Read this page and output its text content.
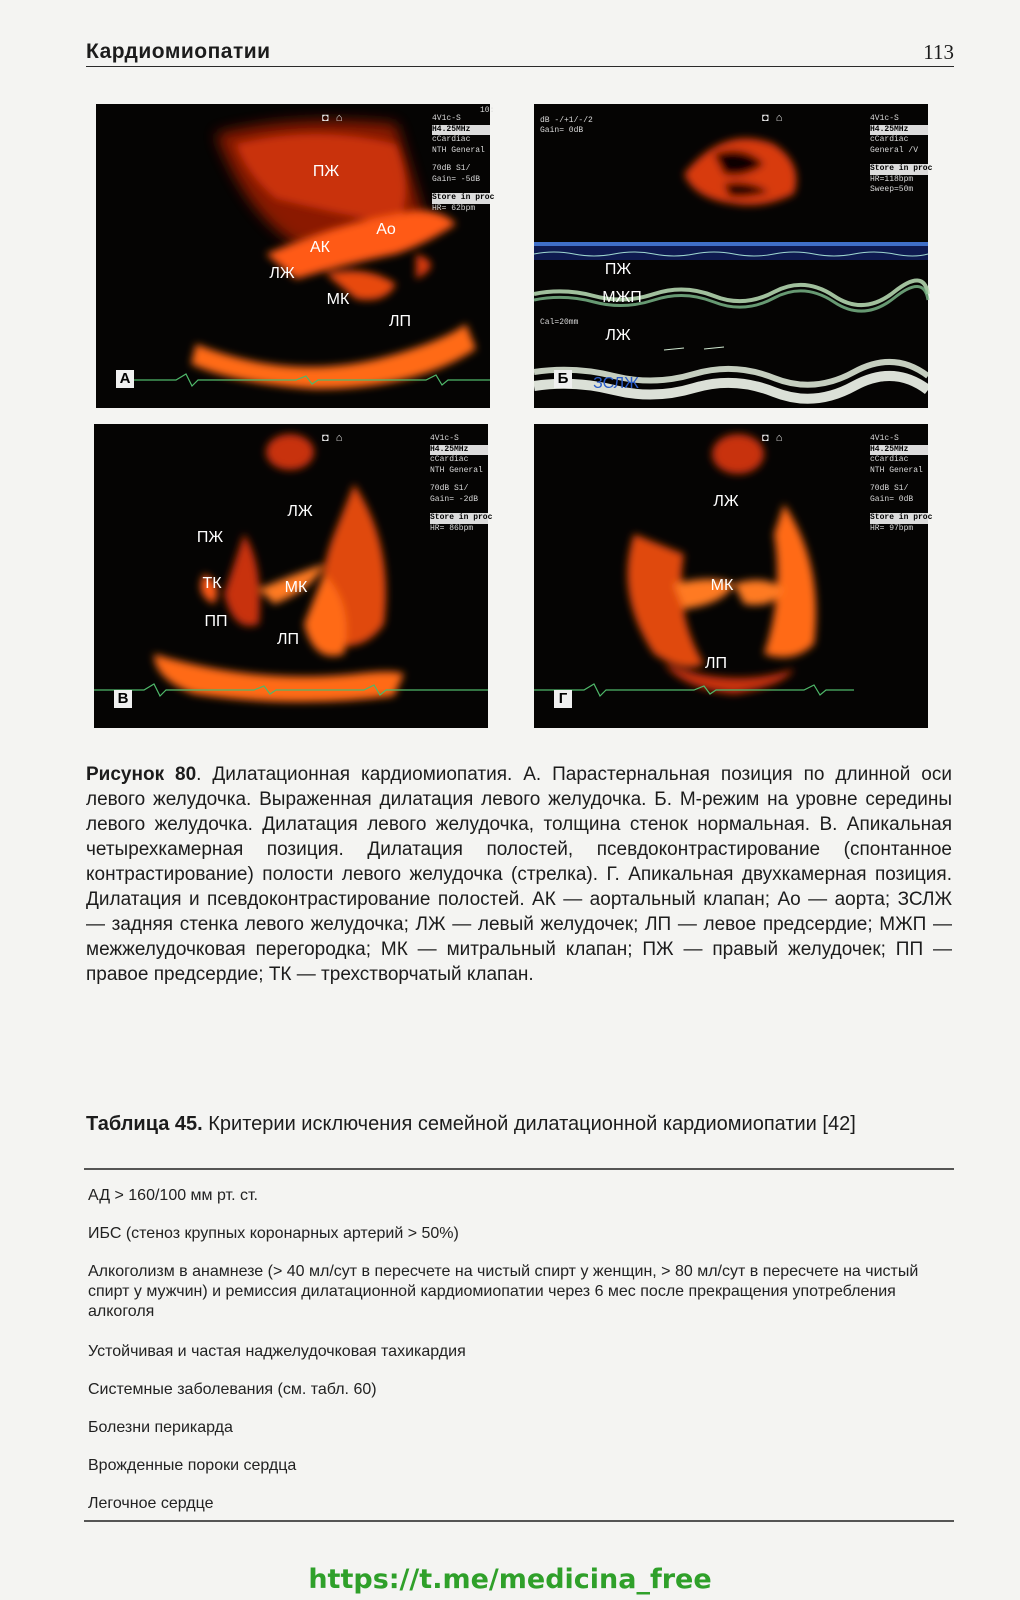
Кардиомиопатии	113
◘ ⌂
10:
4V1c-S
H4.25MHz
cCardiac
NTH General
70dB S1/
Gain= -5dB
Store in proc
HR= 62bpm
ПЖ
Ао
АК
ЛЖ
МК
ЛП
А
dB -/+1/-/2
Gain= 0dB
◘ ⌂
Cal=20mm
4V1c-S
H4.25MHz
cCardiac
General /V
Store in proc
HR=118bpm
Sweep=50m
ПЖ
МЖП
ЛЖ
ЗСЛЖ
Б
◘ ⌂	4V1c-S
H4.25MHz
cCardiac
NTH General
70dB S1/
Gain= -2dB
Store in proc
HR= 86bpm
ЛЖ
ПЖ
ТК	МК
ПП
ЛП
В
◘ ⌂	4V1c-S
H4.25MHz
cCardiac
NTH General
70dB S1/
Gain= 0dB
Store in proc
HR= 97bpm
ЛЖ
МК
ЛП
Г
Рисунок 80. Дилатационная кардиомиопатия. А. Парастернальная позиция по длинной оси левого желудочка. Выраженная дилатация левого желудочка. Б. М-режим на уровне середины левого желудочка. Дилатация левого желудочка, толщина стенок нормальная. В. Апикальная четырехкамерная позиция. Дилатация полостей, псевдоконтрастирование (спонтанное контрастирование) полости левого желудочка (стрелка). Г. Апикальная двухкамерная позиция. Дилатация и псевдоконтрастирование полостей. АК — аортальный клапан; Ао — аорта; ЗСЛЖ — задняя стенка левого желудочка; ЛЖ — левый желудочек; ЛП — левое предсердие; МЖП — межжелудочковая перегородка; МК — митральный клапан; ПЖ — правый желудочек; ПП — правое предсердие; ТК — трехстворчатый клапан.
Таблица 45. Критерии исключения семейной дилатационной кардиомиопатии [42]
АД > 160/100 мм рт. ст.
ИБС (стеноз крупных коронарных артерий > 50%)
Алкоголизм в анамнезе (> 40 мл/сут в пересчете на чистый спирт у женщин, > 80 мл/сут в пересчете на чистый спирт у мужчин) и ремиссия дилатационной кардиомиопатии через 6 мес после прекращения употребления алкоголя
Устойчивая и частая наджелудочковая тахикардия
Системные заболевания (см. табл. 60)
Болезни перикарда
Врожденные пороки сердца
Легочное сердце
https://t.me/medicina_free
